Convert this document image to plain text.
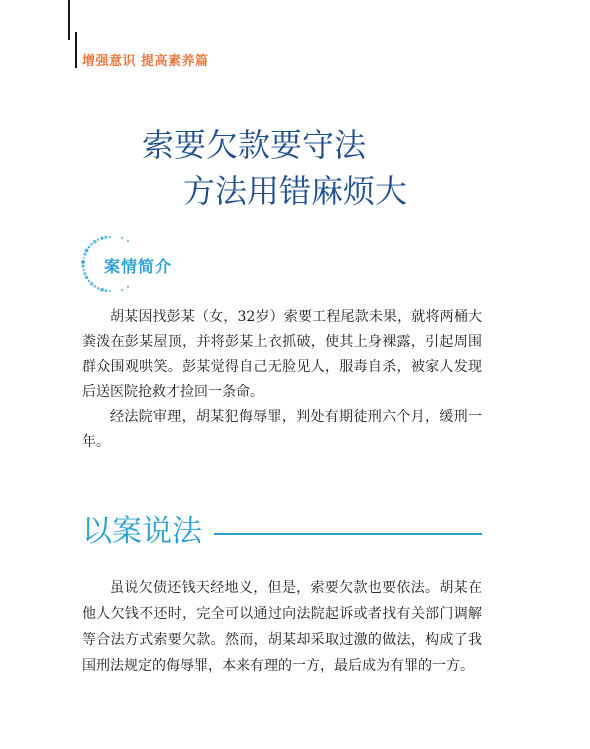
增强意识 提高素养篇
索要欠款要守法
方法用错麻烦大
案情简介

胡某因找彭某（女，32岁）索要工程尾款未果，就将两桶大粪泼在彭某屋顶，并将彭某上衣抓破，使其上身裸露，引起周围群众围观哄笑。彭某觉得自己无脸见人，服毒自杀，被家人发现后送医院抢救才捡回一条命。

经法院审理，胡某犯侮辱罪，判处有期徒刑六个月，缓刑一年。

以案说法

虽说欠债还钱天经地义，但是，索要欠款也要依法。胡某在他人欠钱不还时，完全可以通过向法院起诉或者找有关部门调解等合法方式索要欠款。然而，胡某却采取过激的做法，构成了我国刑法规定的侮辱罪，本来有理的一方，最后成为有罪的一方。
